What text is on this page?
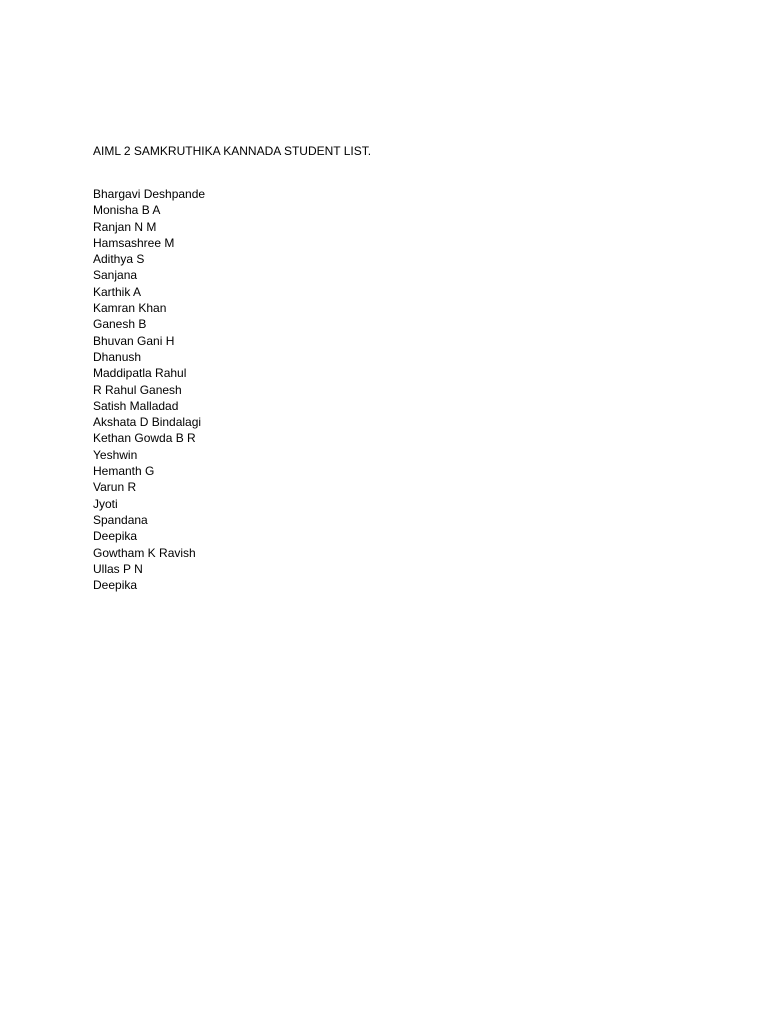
AIML 2 SAMKRUTHIKA KANNADA STUDENT LIST.
Bhargavi Deshpande
Monisha B A
Ranjan N M
Hamsashree M
Adithya S
Sanjana
Karthik A
Kamran Khan
Ganesh B
Bhuvan Gani H
Dhanush
Maddipatla Rahul
R Rahul Ganesh
Satish Malladad
Akshata D Bindalagi
Kethan Gowda B R
Yeshwin
Hemanth G
Varun R
Jyoti
Spandana
Deepika
Gowtham K Ravish
Ullas P N
Deepika
